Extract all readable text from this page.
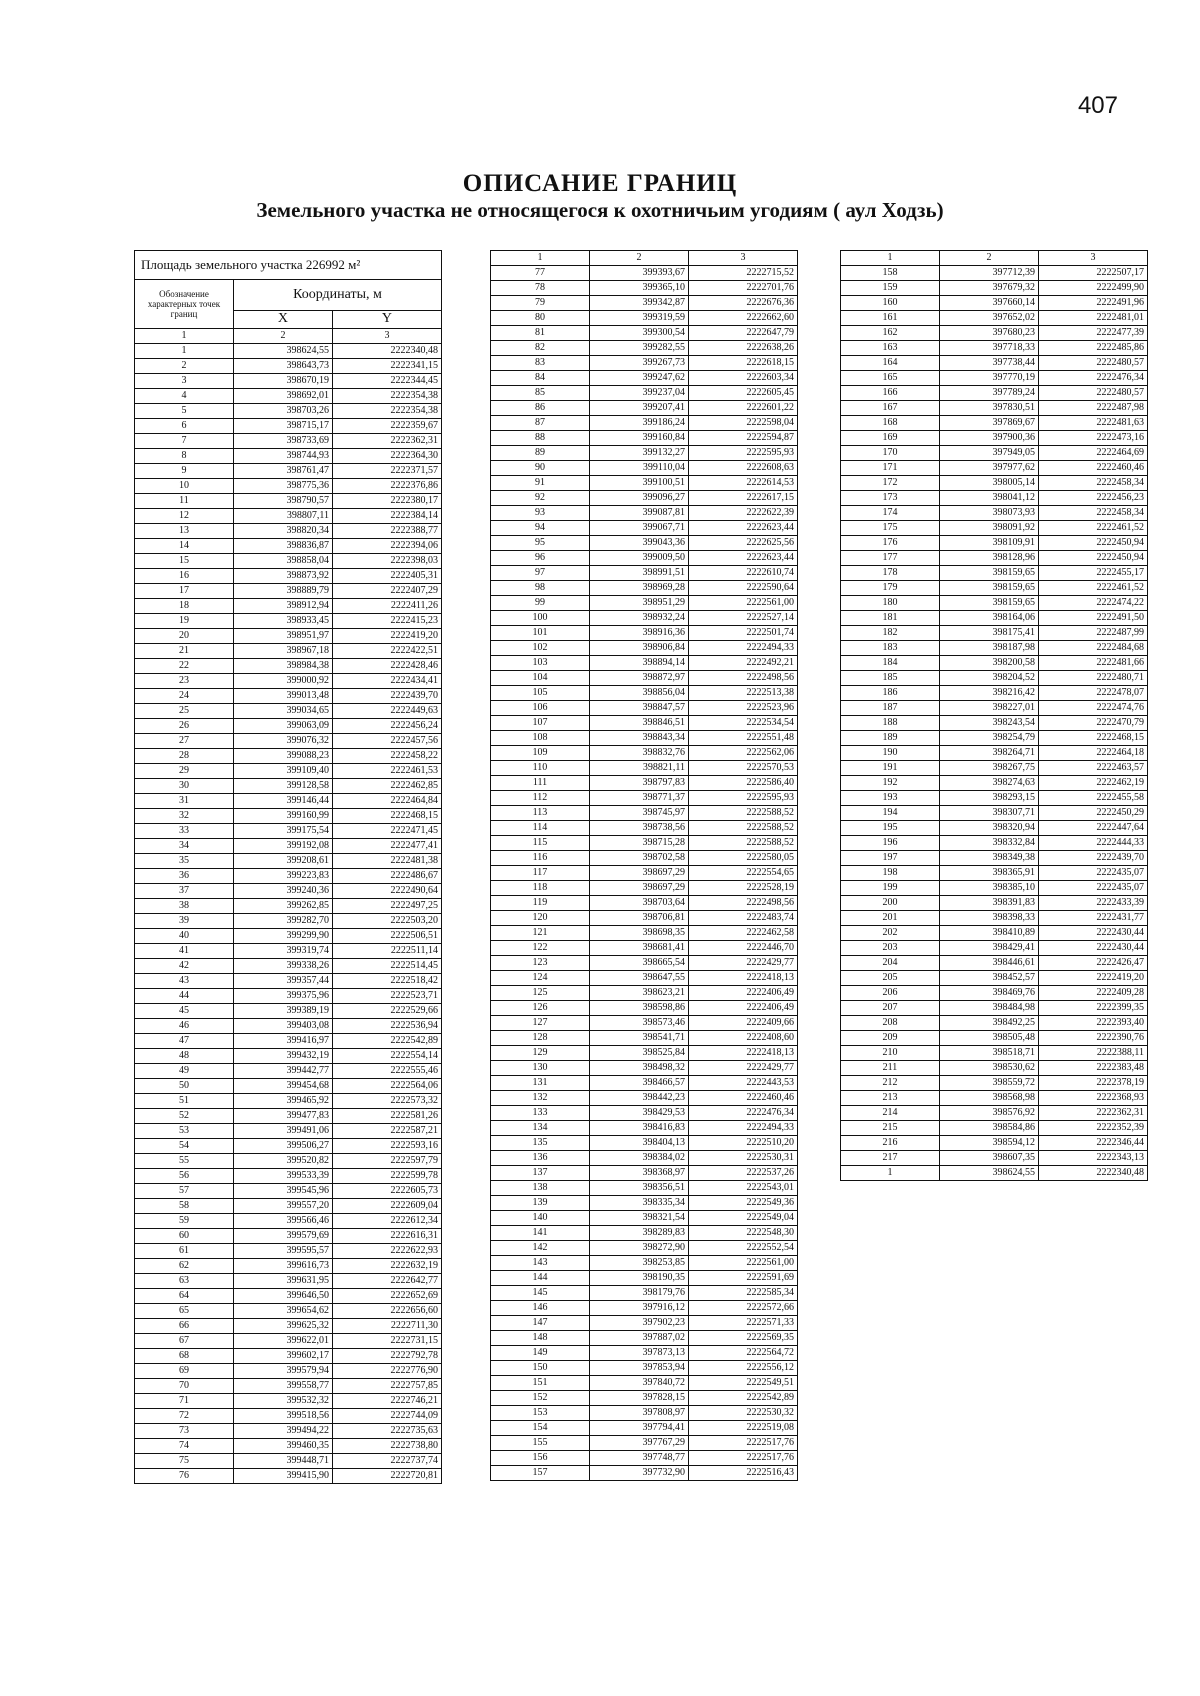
407
ОПИСАНИЕ ГРАНИЦ
Земельного участка не относящегося к охотничьим угодиям ( аул Ходзь)
Площадь земельного участка 226992 м²		
Обозначение характерных точек границ	Координаты, м	
	X	Y
1	2	3
1	398624,55	2222340,48
2	398643,73	2222341,15
3	398670,19	2222344,45
4	398692,01	2222354,38
5	398703,26	2222354,38
6	398715,17	2222359,67
7	398733,69	2222362,31
8	398744,93	2222364,30
9	398761,47	2222371,57
10	398775,36	2222376,86
11	398790,57	2222380,17
12	398807,11	2222384,14
13	398820,34	2222388,77
14	398836,87	2222394,06
15	398858,04	2222398,03
16	398873,92	2222405,31
17	398889,79	2222407,29
18	398912,94	2222411,26
19	398933,45	2222415,23
20	398951,97	2222419,20
21	398967,18	2222422,51
22	398984,38	2222428,46
23	399000,92	2222434,41
24	399013,48	2222439,70
25	399034,65	2222449,63
26	399063,09	2222456,24
27	399076,32	2222457,56
28	399088,23	2222458,22
29	399109,40	2222461,53
30	399128,58	2222462,85
31	399146,44	2222464,84
32	399160,99	2222468,15
33	399175,54	2222471,45
34	399192,08	2222477,41
35	399208,61	2222481,38
36	399223,83	2222486,67
37	399240,36	2222490,64
38	399262,85	2222497,25
39	399282,70	2222503,20
40	399299,90	2222506,51
41	399319,74	2222511,14
42	399338,26	2222514,45
43	399357,44	2222518,42
44	399375,96	2222523,71
45	399389,19	2222529,66
46	399403,08	2222536,94
47	399416,97	2222542,89
48	399432,19	2222554,14
49	399442,77	2222555,46
50	399454,68	2222564,06
51	399465,92	2222573,32
52	399477,83	2222581,26
53	399491,06	2222587,21
54	399506,27	2222593,16
55	399520,82	2222597,79
56	399533,39	2222599,78
57	399545,96	2222605,73
58	399557,20	2222609,04
59	399566,46	2222612,34
60	399579,69	2222616,31
61	399595,57	2222622,93
62	399616,73	2222632,19
63	399631,95	2222642,77
64	399646,50	2222652,69
65	399654,62	2222656,60
66	399625,32	2222711,30
67	399622,01	2222731,15
68	399602,17	2222792,78
69	399579,94	2222776,90
70	399558,77	2222757,85
71	399532,32	2222746,21
72	399518,56	2222744,09
73	399494,22	2222735,63
74	399460,35	2222738,80
75	399448,71	2222737,74
76	399415,90	2222720,81
1	2	3
77	399393,67	2222715,52
78	399365,10	2222701,76
79	399342,87	2222676,36
80	399319,59	2222662,60
81	399300,54	2222647,79
82	399282,55	2222638,26
83	399267,73	2222618,15
84	399247,62	2222603,34
85	399237,04	2222605,45
86	399207,41	2222601,22
87	399186,24	2222598,04
88	399160,84	2222594,87
89	399132,27	2222595,93
90	399110,04	2222608,63
91	399100,51	2222614,53
92	399096,27	2222617,15
93	399087,81	2222622,39
94	399067,71	2222623,44
95	399043,36	2222625,56
96	399009,50	2222623,44
97	398991,51	2222610,74
98	398969,28	2222590,64
99	398951,29	2222561,00
100	398932,24	2222527,14
101	398916,36	2222501,74
102	398906,84	2222494,33
103	398894,14	2222492,21
104	398872,97	2222498,56
105	398856,04	2222513,38
106	398847,57	2222523,96
107	398846,51	2222534,54
108	398843,34	2222551,48
109	398832,76	2222562,06
110	398821,11	2222570,53
111	398797,83	2222586,40
112	398771,37	2222595,93
113	398745,97	2222588,52
114	398738,56	2222588,52
115	398715,28	2222588,52
116	398702,58	2222580,05
117	398697,29	2222554,65
118	398697,29	2222528,19
119	398703,64	2222498,56
120	398706,81	2222483,74
121	398698,35	2222462,58
122	398681,41	2222446,70
123	398665,54	2222429,77
124	398647,55	2222418,13
125	398623,21	2222406,49
126	398598,86	2222406,49
127	398573,46	2222409,66
128	398541,71	2222408,60
129	398525,84	2222418,13
130	398498,32	2222429,77
131	398466,57	2222443,53
132	398442,23	2222460,46
133	398429,53	2222476,34
134	398416,83	2222494,33
135	398404,13	2222510,20
136	398384,02	2222530,31
137	398368,97	2222537,26
138	398356,51	2222543,01
139	398335,34	2222549,36
140	398321,54	2222549,04
141	398289,83	2222548,30
142	398272,90	2222552,54
143	398253,85	2222561,00
144	398190,35	2222591,69
145	398179,76	2222585,34
146	397916,12	2222572,66
147	397902,23	2222571,33
148	397887,02	2222569,35
149	397873,13	2222564,72
150	397853,94	2222556,12
151	397840,72	2222549,51
152	397828,15	2222542,89
153	397808,97	2222530,32
154	397794,41	2222519,08
155	397767,29	2222517,76
156	397748,77	2222517,76
157	397732,90	2222516,43
1	2	3
158	397712,39	2222507,17
159	397679,32	2222499,90
160	397660,14	2222491,96
161	397652,02	2222481,01
162	397680,23	2222477,39
163	397718,33	2222485,86
164	397738,44	2222480,57
165	397770,19	2222476,34
166	397789,24	2222480,57
167	397830,51	2222487,98
168	397869,67	2222481,63
169	397900,36	2222473,16
170	397949,05	2222464,69
171	397977,62	2222460,46
172	398005,14	2222458,34
173	398041,12	2222456,23
174	398073,93	2222458,34
175	398091,92	2222461,52
176	398109,91	2222450,94
177	398128,96	2222450,94
178	398159,65	2222455,17
179	398159,65	2222461,52
180	398159,65	2222474,22
181	398164,06	2222491,50
182	398175,41	2222487,99
183	398187,98	2222484,68
184	398200,58	2222481,66
185	398204,52	2222480,71
186	398216,42	2222478,07
187	398227,01	2222474,76
188	398243,54	2222470,79
189	398254,79	2222468,15
190	398264,71	2222464,18
191	398267,75	2222463,57
192	398274,63	2222462,19
193	398293,15	2222455,58
194	398307,71	2222450,29
195	398320,94	2222447,64
196	398332,84	2222444,33
197	398349,38	2222439,70
198	398365,91	2222435,07
199	398385,10	2222435,07
200	398391,83	2222433,39
201	398398,33	2222431,77
202	398410,89	2222430,44
203	398429,41	2222430,44
204	398446,61	2222426,47
205	398452,57	2222419,20
206	398469,76	2222409,28
207	398484,98	2222399,35
208	398492,25	2222393,40
209	398505,48	2222390,76
210	398518,71	2222388,11
211	398530,62	2222383,48
212	398559,72	2222378,19
213	398568,98	2222368,93
214	398576,92	2222362,31
215	398584,86	2222352,39
216	398594,12	2222346,44
217	398607,35	2222343,13
1	398624,55	2222340,48
